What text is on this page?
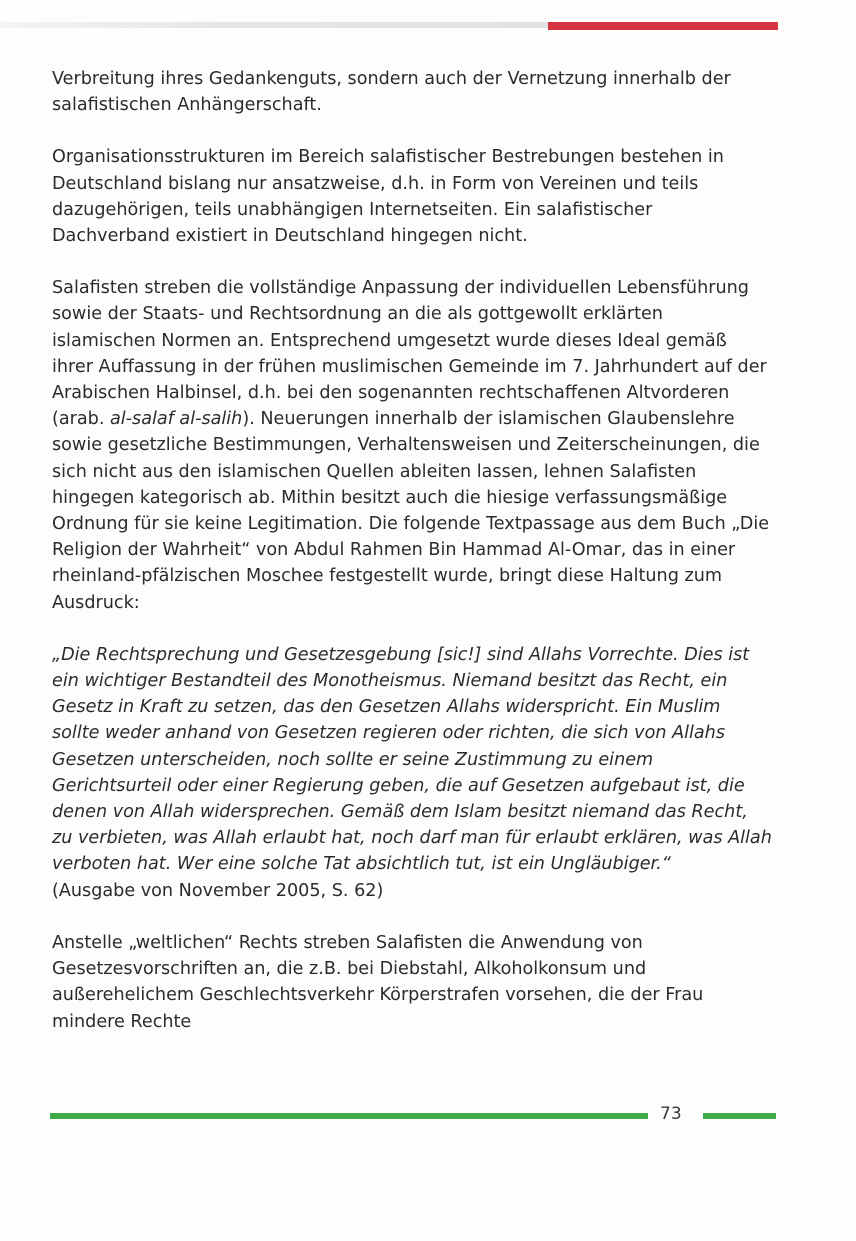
Verbreitung ihres Gedankenguts, sondern auch der Vernetzung innerhalb der salafistischen Anhängerschaft.

Organisationsstrukturen im Bereich salafistischer Bestrebungen bestehen in Deutschland bislang nur ansatzweise, d.h. in Form von Vereinen und teils dazugehörigen, teils unabhängigen Internetseiten. Ein salafistischer Dachverband existiert in Deutschland hingegen nicht.

Salafisten streben die vollständige Anpassung der individuellen Lebensführung sowie der Staats- und Rechtsordnung an die als gottgewollt erklärten islamischen Normen an. Entsprechend umgesetzt wurde dieses Ideal gemäß ihrer Auffassung in der frühen muslimischen Gemeinde im 7. Jahrhundert auf der Arabischen Halbinsel, d.h. bei den sogenannten rechtschaffenen Altvorderen (arab. al-salaf al-salih). Neuerungen innerhalb der islamischen Glaubenslehre sowie gesetzliche Bestimmungen, Verhaltensweisen und Zeiterscheinungen, die sich nicht aus den islamischen Quellen ableiten lassen, lehnen Salafisten hingegen kategorisch ab. Mithin besitzt auch die hiesige verfassungsmäßige Ordnung für sie keine Legitimation. Die folgende Textpassage aus dem Buch „Die Religion der Wahrheit“ von Abdul Rahmen Bin Hammad Al-Omar, das in einer rheinland-pfälzischen Moschee festgestellt wurde, bringt diese Haltung zum Ausdruck:

„Die Rechtsprechung und Gesetzesgebung [sic!] sind Allahs Vorrechte. Dies ist ein wichtiger Bestandteil des Monotheismus. Niemand besitzt das Recht, ein Gesetz in Kraft zu setzen, das den Gesetzen Allahs widerspricht. Ein Muslim sollte weder anhand von Gesetzen regieren oder richten, die sich von Allahs Gesetzen unterscheiden, noch sollte er seine Zustimmung zu einem Gerichtsurteil oder einer Regierung geben, die auf Gesetzen aufgebaut ist, die denen von Allah widersprechen. Gemäß dem Islam besitzt niemand das Recht, zu verbieten, was Allah erlaubt hat, noch darf man für erlaubt erklären, was Allah verboten hat. Wer eine solche Tat absichtlich tut, ist ein Ungläubiger.“

(Ausgabe von November 2005, S. 62)

Anstelle „weltlichen“ Rechts streben Salafisten die Anwendung von Gesetzesvorschriften an, die z.B. bei Diebstahl, Alkoholkonsum und außerehelichem Geschlechtsverkehr Körperstrafen vorsehen, die der Frau mindere Rechte

73
